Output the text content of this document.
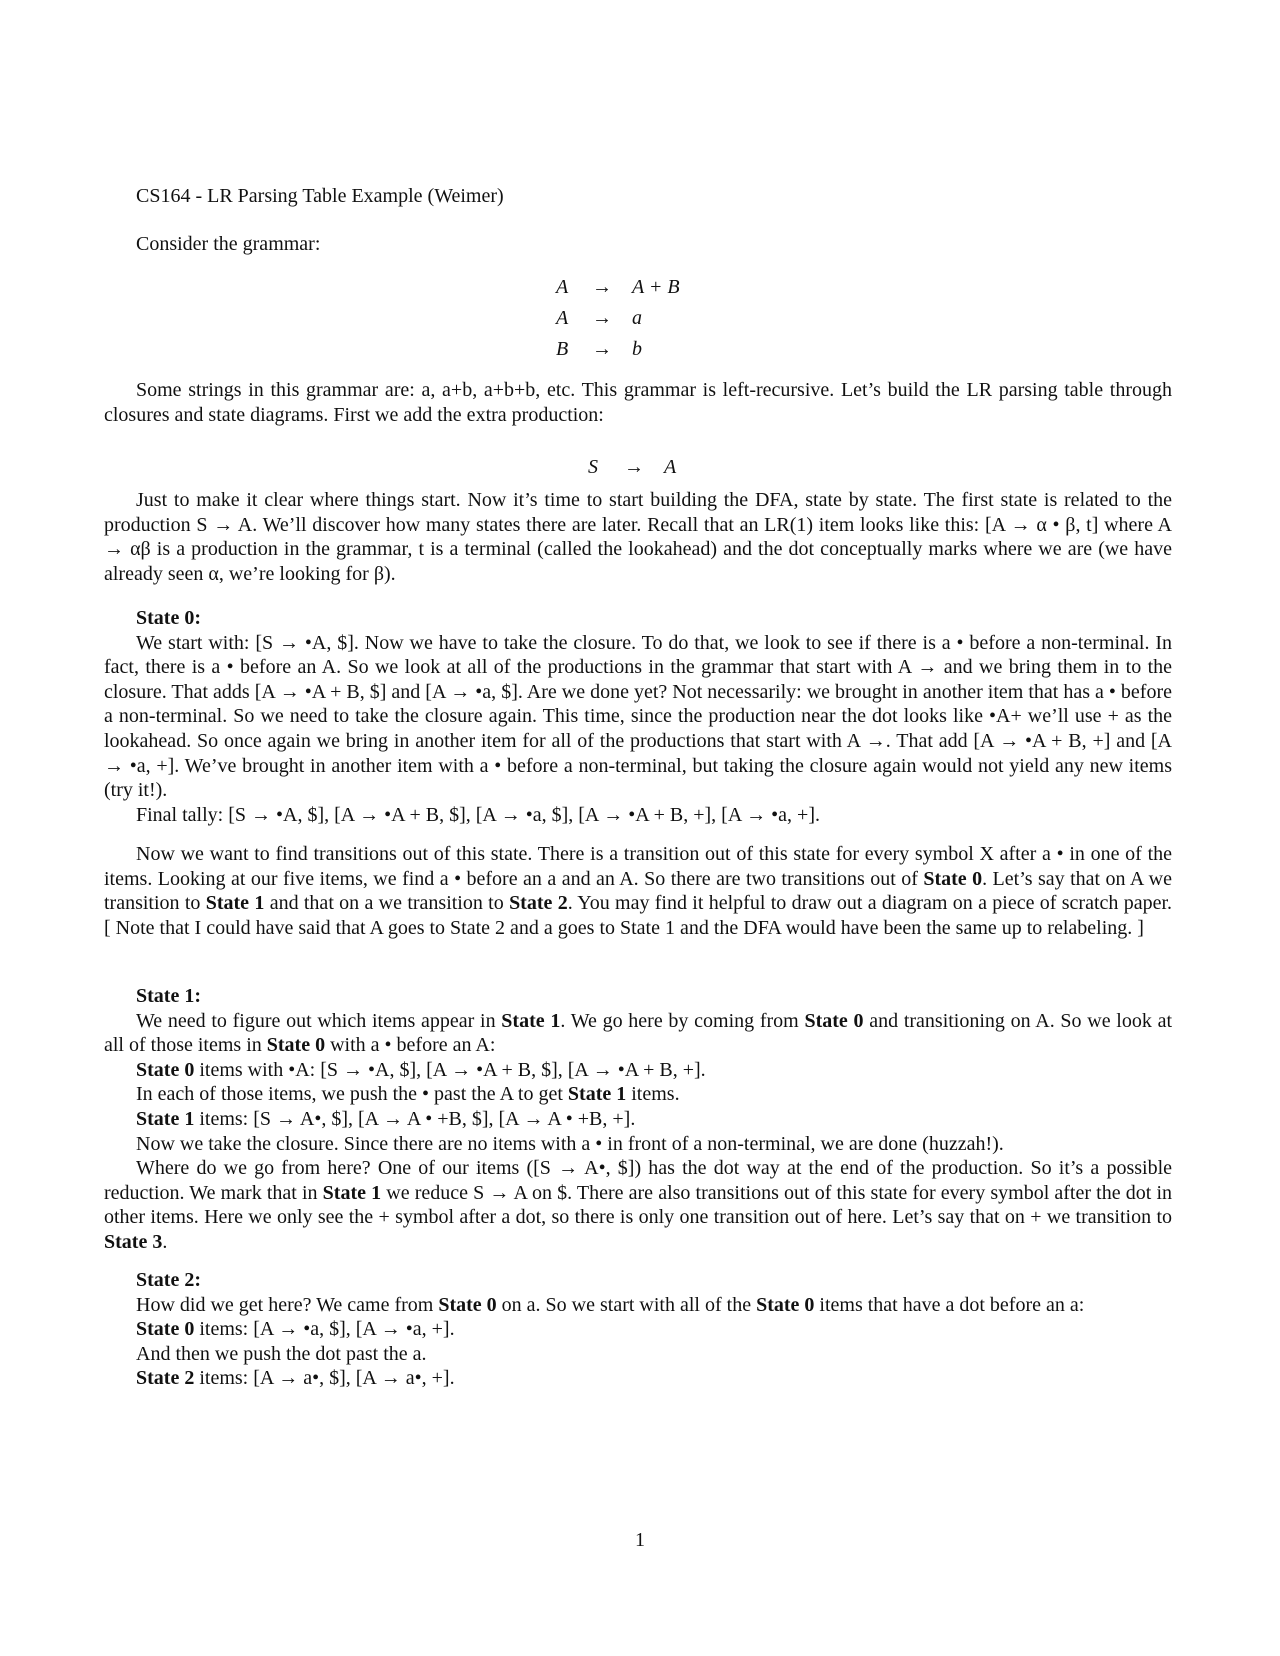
CS164 - LR Parsing Table Example (Weimer)

Consider the grammar:

A	→	A + B
A	→	a
B	→	b

Some strings in this grammar are: a, a+b, a+b+b, etc. This grammar is left-recursive. Let’s build the LR parsing table through closures and state diagrams. First we add the extra production:

S	→	A

Just to make it clear where things start. Now it’s time to start building the DFA, state by state. The first state is related to the production S → A. We’ll discover how many states there are later. Recall that an LR(1) item looks like this: [A → α • β, t] where A → αβ is a production in the grammar, t is a terminal (called the lookahead) and the dot conceptually marks where we are (we have already seen α, we’re looking for β).

State 0:
We start with: [S → •A, $]. Now we have to take the closure. To do that, we look to see if there is a • before a non-terminal. In fact, there is a • before an A. So we look at all of the productions in the grammar that start with A → and we bring them in to the closure. That adds [A → •A + B, $] and [A → •a, $]. Are we done yet? Not necessarily: we brought in another item that has a • before a non-terminal. So we need to take the closure again. This time, since the production near the dot looks like •A+ we’ll use + as the lookahead. So once again we bring in another item for all of the productions that start with A →. That add [A → •A + B, +] and [A → •a, +]. We’ve brought in another item with a • before a non-terminal, but taking the closure again would not yield any new items (try it!).
Final tally: [S → •A, $], [A → •A + B, $], [A → •a, $], [A → •A + B, +], [A → •a, +].

Now we want to find transitions out of this state. There is a transition out of this state for every symbol X after a • in one of the items. Looking at our five items, we find a • before an a and an A. So there are two transitions out of State 0. Let’s say that on A we transition to State 1 and that on a we transition to State 2. You may find it helpful to draw out a diagram on a piece of scratch paper. [ Note that I could have said that A goes to State 2 and a goes to State 1 and the DFA would have been the same up to relabeling. ]

State 1:
We need to figure out which items appear in State 1. We go here by coming from State 0 and transitioning on A. So we look at all of those items in State 0 with a • before an A:
State 0 items with •A: [S → •A, $], [A → •A + B, $], [A → •A + B, +].
In each of those items, we push the • past the A to get State 1 items.
State 1 items: [S → A•, $], [A → A • +B, $], [A → A • +B, +].
Now we take the closure. Since there are no items with a • in front of a non-terminal, we are done (huzzah!).
Where do we go from here? One of our items ([S → A•, $]) has the dot way at the end of the production. So it’s a possible reduction. We mark that in State 1 we reduce S → A on $. There are also transitions out of this state for every symbol after the dot in other items. Here we only see the + symbol after a dot, so there is only one transition out of here. Let’s say that on + we transition to State 3.
State 2:
How did we get here? We came from State 0 on a. So we start with all of the State 0 items that have a dot before an a:
State 0 items: [A → •a, $], [A → •a, +].
And then we push the dot past the a.
State 2 items: [A → a•, $], [A → a•, +].

1
